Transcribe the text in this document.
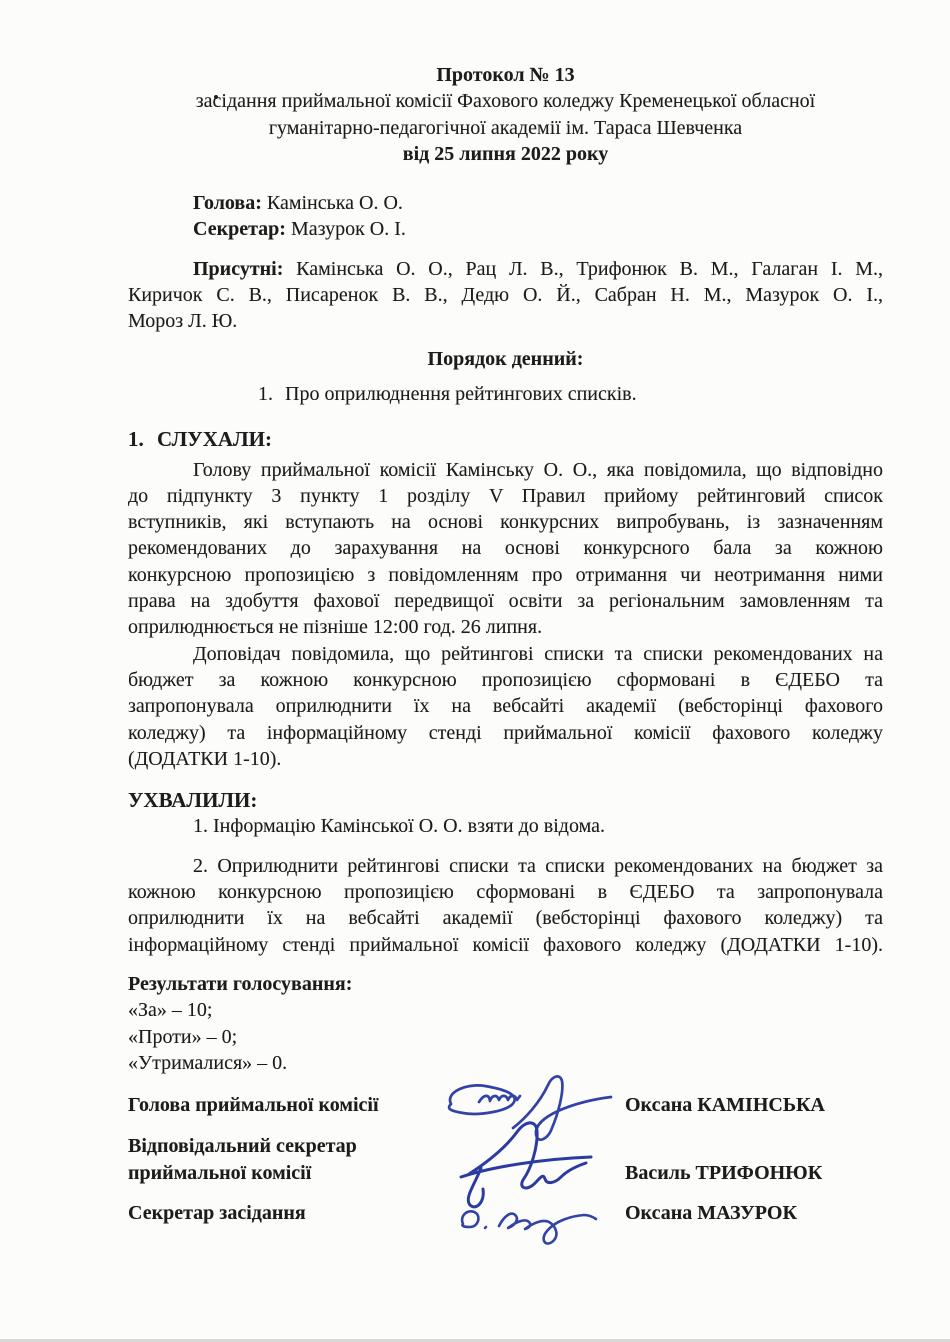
Протокол № 13
засідання приймальної комісії Фахового коледжу Кременецької обласної
гуманітарно-педагогічної академії ім. Тараса Шевченка
від 25 липня 2022 року
Голова: Камінська О. О.
Секретар: Мазурок О. І.
Присутні: Камінська О. О., Рац Л. В., Трифонюк В. М., Галаган І. М.,
Киричок С. В., Писаренок В. В., Дедю О. Й., Сабран Н. М., Мазурок О. І.,
Мороз Л. Ю.
Порядок денний:
1. Про оприлюднення рейтингових списків.
1. СЛУХАЛИ:
Голову приймальної комісії Камінську О. О., яка повідомила, що відповідно
до підпункту 3 пункту 1 розділу V Правил прийому рейтинговий список
вступників, які вступають на основі конкурсних випробувань, із зазначенням
рекомендованих до зарахування на основі конкурсного бала за кожною
конкурсною пропозицією з повідомленням про отримання чи неотримання ними
права на здобуття фахової передвищої освіти за регіональним замовленням та
оприлюднюється не пізніше 12:00 год. 26 липня.
Доповідач повідомила, що рейтингові списки та списки рекомендованих на
бюджет за кожною конкурсною пропозицією сформовані в ЄДЕБО та
запропонувала оприлюднити їх на вебсайті академії (вебсторінці фахового
коледжу) та інформаційному стенді приймальної комісії фахового коледжу
(ДОДАТКИ 1-10).
УХВАЛИЛИ:
1. Інформацію Камінської О. О. взяти до відома.
2. Оприлюднити рейтингові списки та списки рекомендованих на бюджет за
кожною конкурсною пропозицією сформовані в ЄДЕБО та запропонувала
оприлюднити їх на вебсайті академії (вебсторінці фахового коледжу) та
інформаційному стенді приймальної комісії фахового коледжу (ДОДАТКИ 1-10).
Результати голосування:
«За» – 10;
«Проти» – 0;
«Утрималися» – 0.
Голова приймальної комісії	Оксана КАМІНСЬКА
Відповідальний секретар
приймальної комісії	Василь ТРИФОНЮК
Секретар засідання	Оксана МАЗУРОК
